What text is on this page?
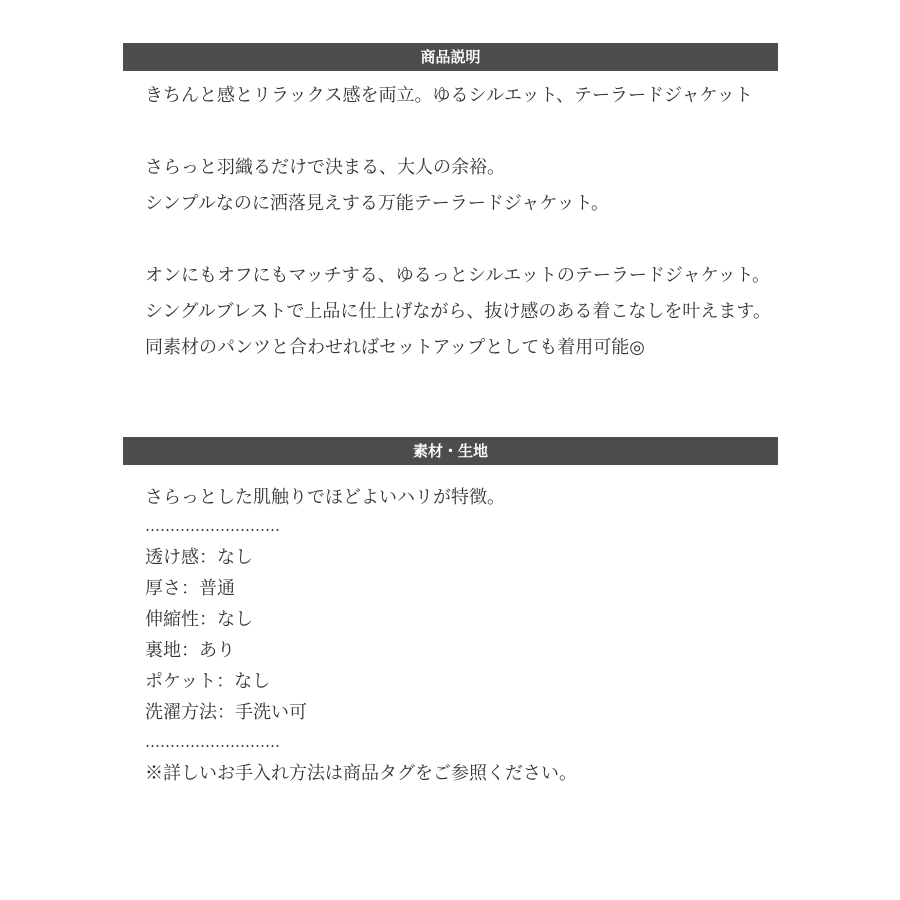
商品説明
きちんと感とリラックス感を両立。ゆるシルエット、テーラードジャケット
さらっと羽織るだけで決まる、大人の余裕。
シンプルなのに洒落見えする万能テーラードジャケット。
オンにもオフにもマッチする、ゆるっとシルエットのテーラードジャケット。
シングルブレストで上品に仕上げながら、抜け感のある着こなしを叶えます。
同素材のパンツと合わせればセットアップとしても着用可能◎
素材・生地
さらっとした肌触りでほどよいハリが特徴。
………………………
透け感：なし
厚さ：普通
伸縮性：なし
裏地：あり
ポケット：なし
洗濯方法：手洗い可
………………………
※詳しいお手入れ方法は商品タグをご参照ください。
